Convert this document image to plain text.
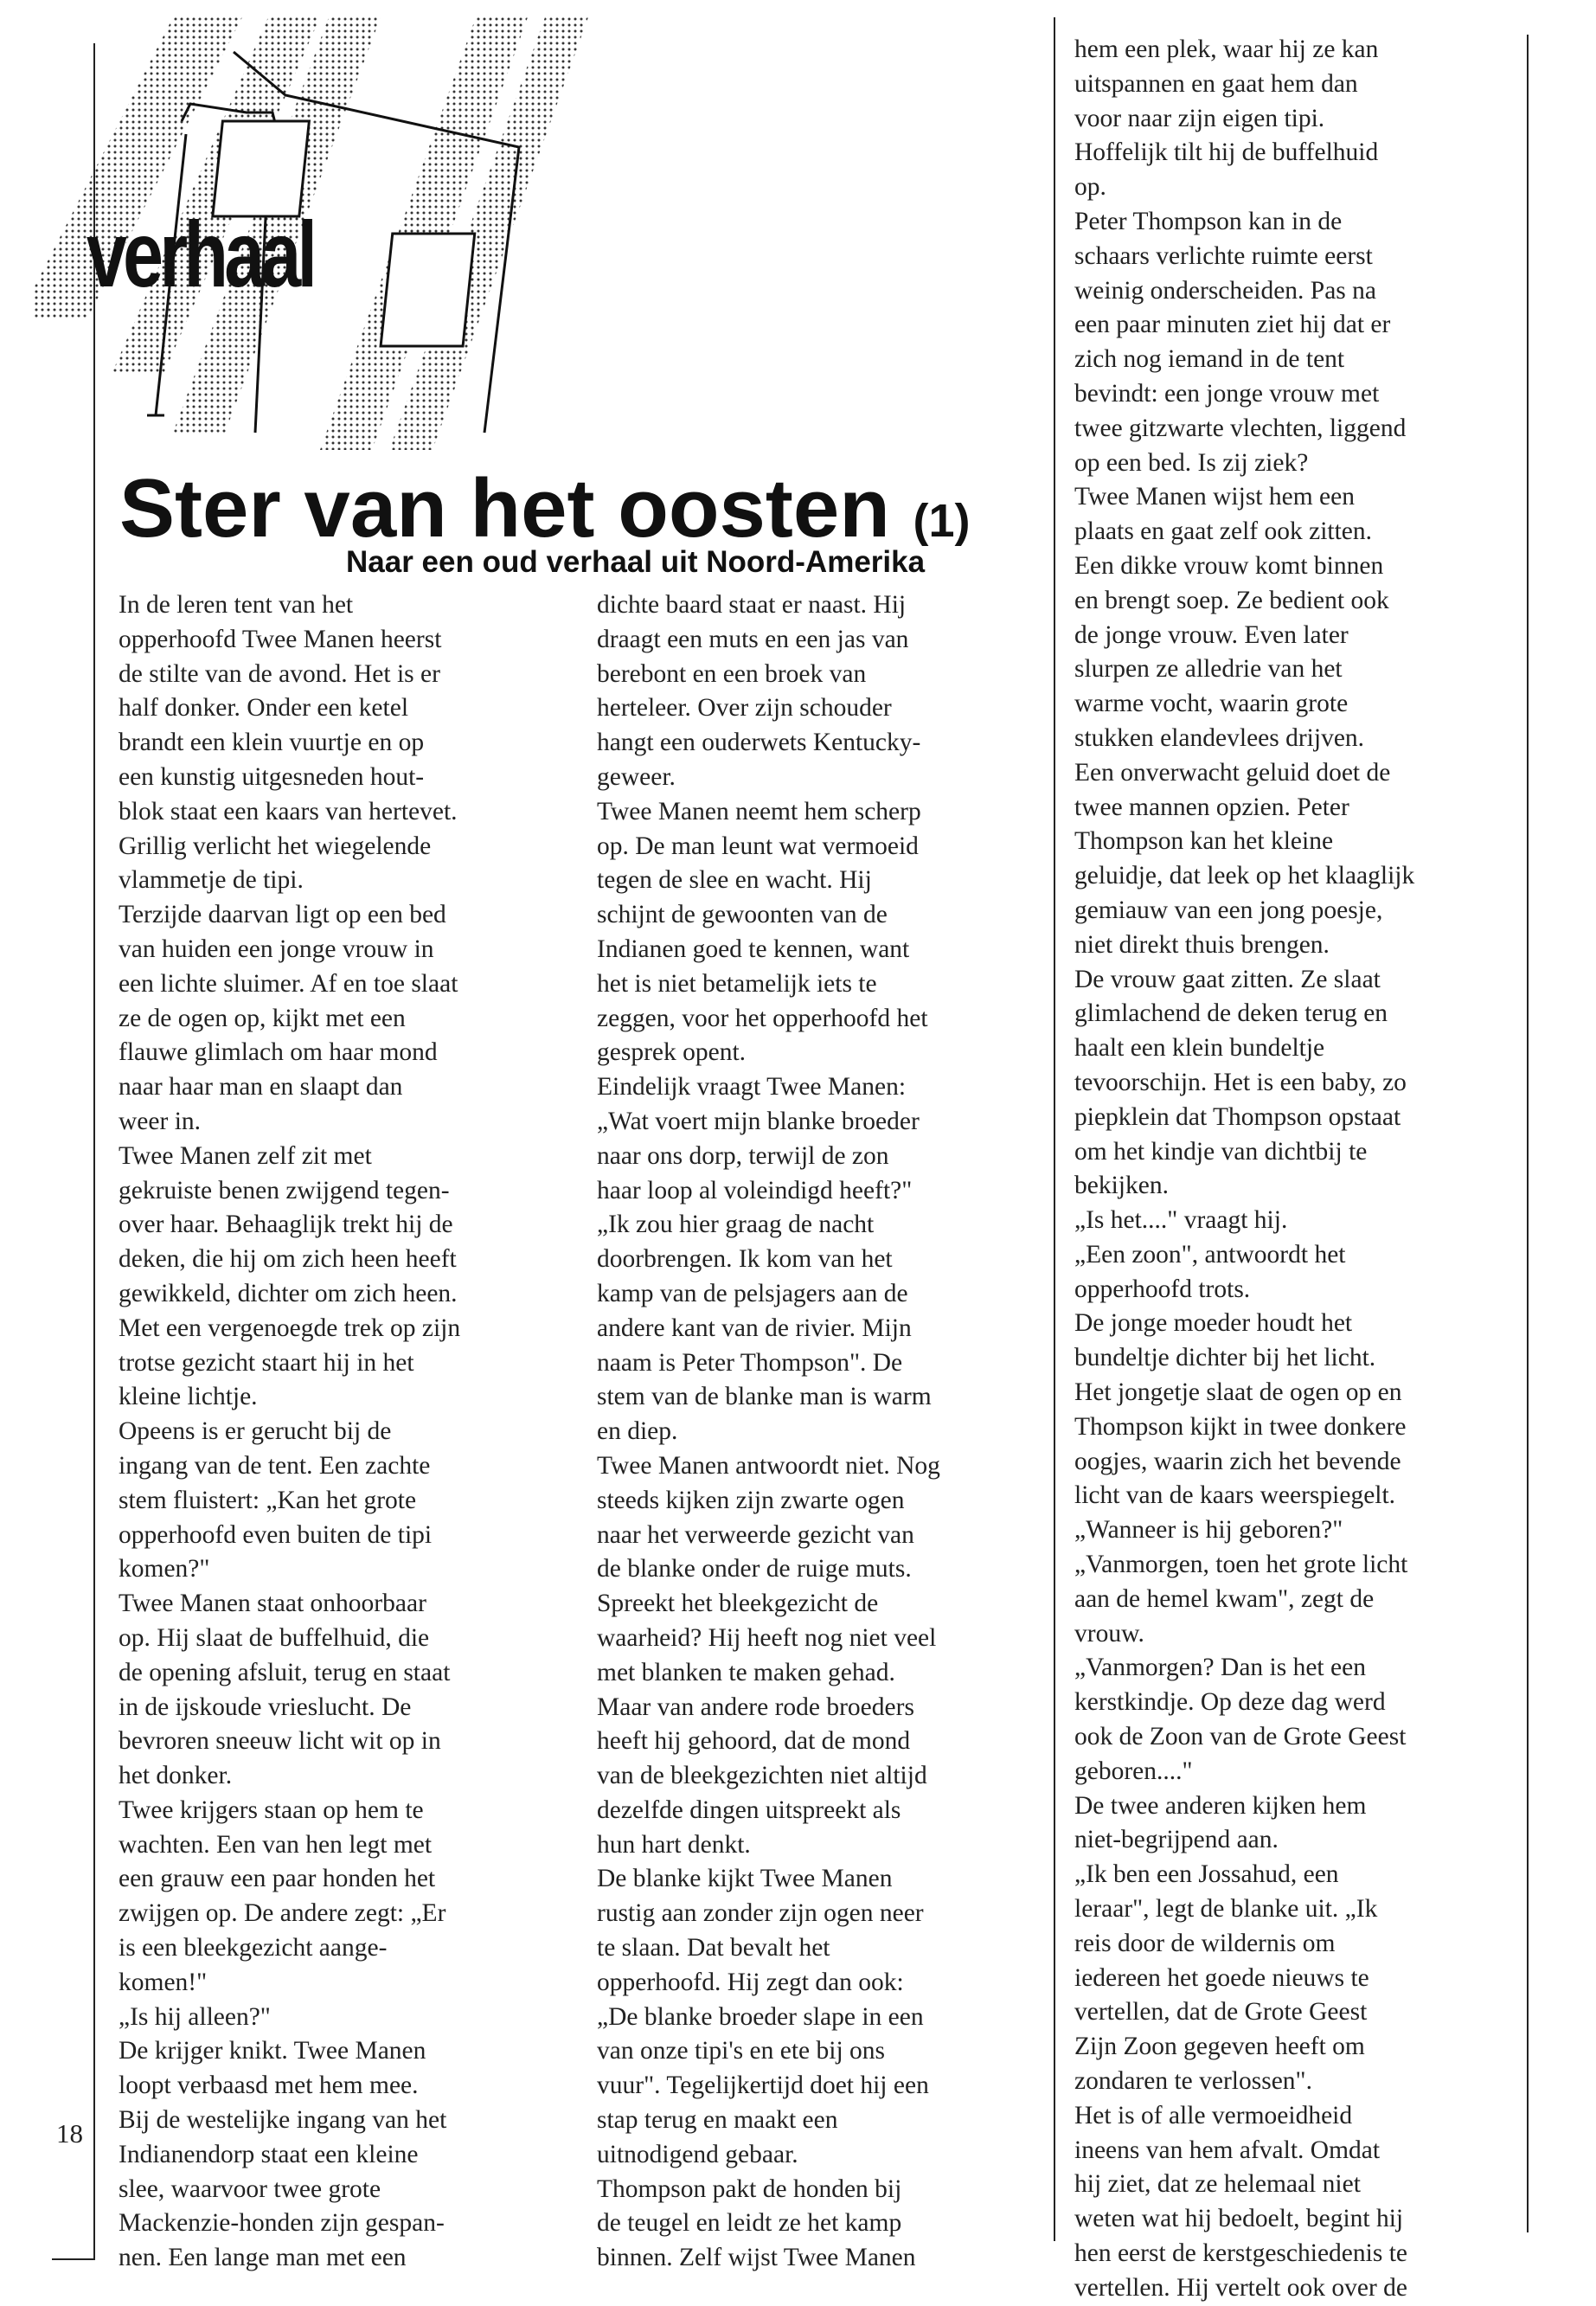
verhaal
Ster van het oosten (1)
Naar een oud verhaal uit Noord-Amerika
In de leren tent van het
opperhoofd Twee Manen heerst
de stilte van de avond. Het is er
half donker. Onder een ketel
brandt een klein vuurtje en op
een kunstig uitgesneden hout-
blok staat een kaars van hertevet.
Grillig verlicht het wiegelende
vlammetje de tipi.
Terzijde daarvan ligt op een bed
van huiden een jonge vrouw in
een lichte sluimer. Af en toe slaat
ze de ogen op, kijkt met een
flauwe glimlach om haar mond
naar haar man en slaapt dan
weer in.
Twee Manen zelf zit met
gekruiste benen zwijgend tegen-
over haar. Behaaglijk trekt hij de
deken, die hij om zich heen heeft
gewikkeld, dichter om zich heen.
Met een vergenoegde trek op zijn
trotse gezicht staart hij in het
kleine lichtje.
Opeens is er gerucht bij de
ingang van de tent. Een zachte
stem fluistert: „Kan het grote
opperhoofd even buiten de tipi
komen?"
Twee Manen staat onhoorbaar
op. Hij slaat de buffelhuid, die
de opening afsluit, terug en staat
in de ijskoude vrieslucht. De
bevroren sneeuw licht wit op in
het donker.
Twee krijgers staan op hem te
wachten. Een van hen legt met
een grauw een paar honden het
zwijgen op. De andere zegt: „Er
is een bleekgezicht aange-
komen!"
„Is hij alleen?"
De krijger knikt. Twee Manen
loopt verbaasd met hem mee.
Bij de westelijke ingang van het
Indianendorp staat een kleine
slee, waarvoor twee grote
Mackenzie-honden zijn gespan-
nen. Een lange man met een
dichte baard staat er naast. Hij
draagt een muts en een jas van
berebont en een broek van
herteleer. Over zijn schouder
hangt een ouderwets Kentucky-
geweer.
Twee Manen neemt hem scherp
op. De man leunt wat vermoeid
tegen de slee en wacht. Hij
schijnt de gewoonten van de
Indianen goed te kennen, want
het is niet betamelijk iets te
zeggen, voor het opperhoofd het
gesprek opent.
Eindelijk vraagt Twee Manen:
„Wat voert mijn blanke broeder
naar ons dorp, terwijl de zon
haar loop al voleindigd heeft?"
„Ik zou hier graag de nacht
doorbrengen. Ik kom van het
kamp van de pelsjagers aan de
andere kant van de rivier. Mijn
naam is Peter Thompson". De
stem van de blanke man is warm
en diep.
Twee Manen antwoordt niet. Nog
steeds kijken zijn zwarte ogen
naar het verweerde gezicht van
de blanke onder de ruige muts.
Spreekt het bleekgezicht de
waarheid? Hij heeft nog niet veel
met blanken te maken gehad.
Maar van andere rode broeders
heeft hij gehoord, dat de mond
van de bleekgezichten niet altijd
dezelfde dingen uitspreekt als
hun hart denkt.
De blanke kijkt Twee Manen
rustig aan zonder zijn ogen neer
te slaan. Dat bevalt het
opperhoofd. Hij zegt dan ook:
„De blanke broeder slape in een
van onze tipi's en ete bij ons
vuur". Tegelijkertijd doet hij een
stap terug en maakt een
uitnodigend gebaar.
Thompson pakt de honden bij
de teugel en leidt ze het kamp
binnen. Zelf wijst Twee Manen
hem een plek, waar hij ze kan
uitspannen en gaat hem dan
voor naar zijn eigen tipi.
Hoffelijk tilt hij de buffelhuid
op.
Peter Thompson kan in de
schaars verlichte ruimte eerst
weinig onderscheiden. Pas na
een paar minuten ziet hij dat er
zich nog iemand in de tent
bevindt: een jonge vrouw met
twee gitzwarte vlechten, liggend
op een bed. Is zij ziek?
Twee Manen wijst hem een
plaats en gaat zelf ook zitten.
Een dikke vrouw komt binnen
en brengt soep. Ze bedient ook
de jonge vrouw. Even later
slurpen ze alledrie van het
warme vocht, waarin grote
stukken elandevlees drijven.
Een onverwacht geluid doet de
twee mannen opzien. Peter
Thompson kan het kleine
geluidje, dat leek op het klaaglijk
gemiauw van een jong poesje,
niet direkt thuis brengen.
De vrouw gaat zitten. Ze slaat
glimlachend de deken terug en
haalt een klein bundeltje
tevoorschijn. Het is een baby, zo
piepklein dat Thompson opstaat
om het kindje van dichtbij te
bekijken.
„Is het...." vraagt hij.
„Een zoon", antwoordt het
opperhoofd trots.
De jonge moeder houdt het
bundeltje dichter bij het licht.
Het jongetje slaat de ogen op en
Thompson kijkt in twee donkere
oogjes, waarin zich het bevende
licht van de kaars weerspiegelt.
„Wanneer is hij geboren?"
„Vanmorgen, toen het grote licht
aan de hemel kwam", zegt de
vrouw.
„Vanmorgen? Dan is het een
kerstkindje. Op deze dag werd
ook de Zoon van de Grote Geest
geboren...."
De twee anderen kijken hem
niet-begrijpend aan.
„Ik ben een Jossahud, een
leraar", legt de blanke uit. „Ik
reis door de wildernis om
iedereen het goede nieuws te
vertellen, dat de Grote Geest
Zijn Zoon gegeven heeft om
zondaren te verlossen".
Het is of alle vermoeidheid
ineens van hem afvalt. Omdat
hij ziet, dat ze helemaal niet
weten wat hij bedoelt, begint hij
hen eerst de kerstgeschiedenis te
vertellen. Hij vertelt ook over de
18
